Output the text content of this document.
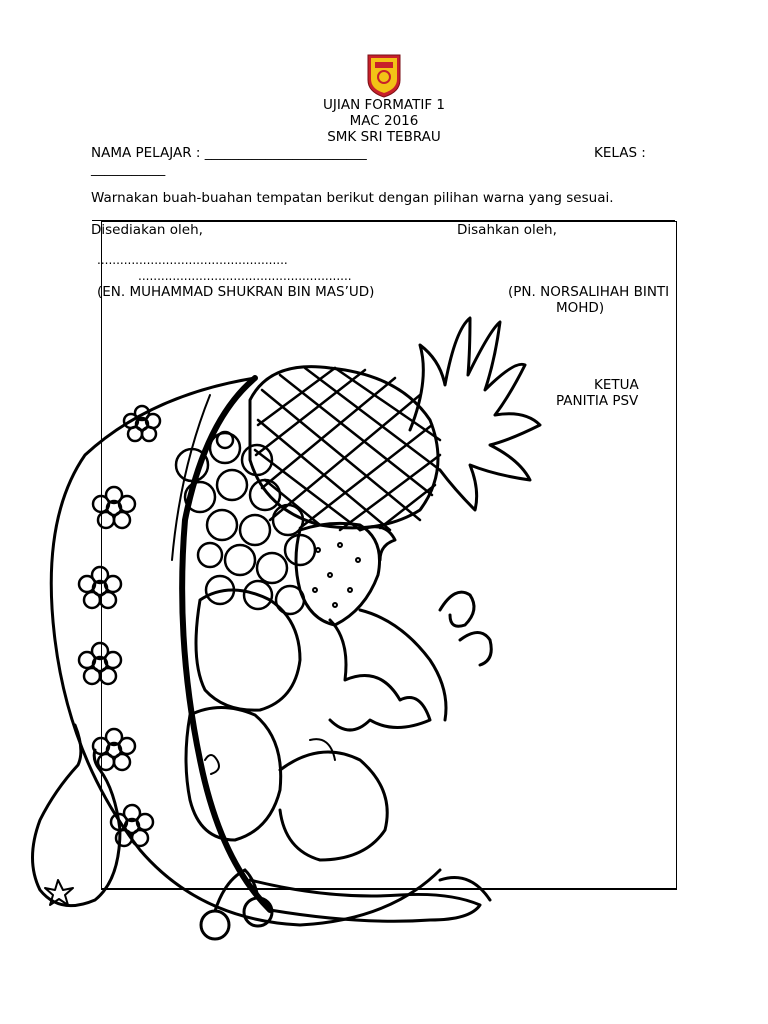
UJIAN FORMATIF 1
MAC 2016
SMK SRI TEBRAU
NAMA PELAJAR : ________________________	KELAS :
___________
Warnakan buah-buahan tempatan berikut dengan pilihan warna yang sesuai.
Disediakan oleh,	Disahkan oleh,
..................................................
........................................................
(EN. MUHAMMAD SHUKRAN BIN MAS’UD)	(PN. NORSALIHAH BINTI
MOHD)
KETUA
PANITIA PSV
